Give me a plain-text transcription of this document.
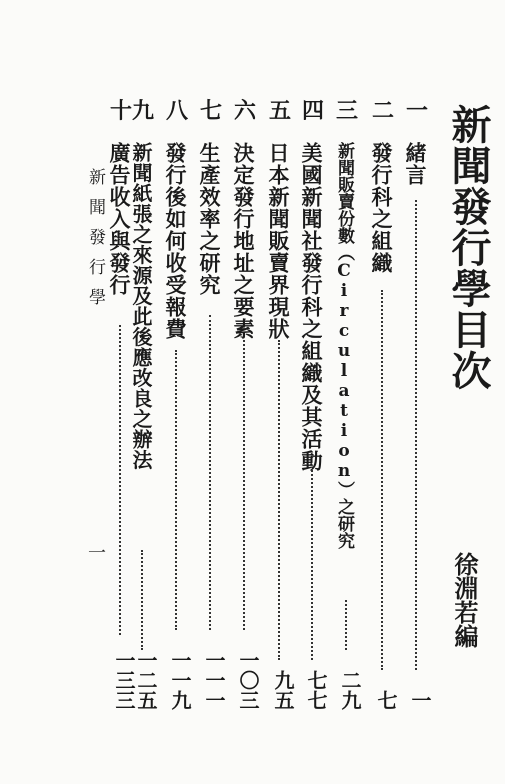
新聞發行學目次
徐淵若編
一
緒言
一
二
發行科之組織
七
三
新聞販賣份數（Circulation）之研究
二九
四
美國新聞社發行科之組織及其活動
七七
五
日本新聞販賣界現狀
九五
六
決定發行地址之要素
一〇三
七
生產效率之研究
一一一
八
發行後如何收受報費
一一九
九
新聞紙張之來源及此後應改良之辦法
一二五
十
廣告收入與發行
一三三
新聞發行學
一
